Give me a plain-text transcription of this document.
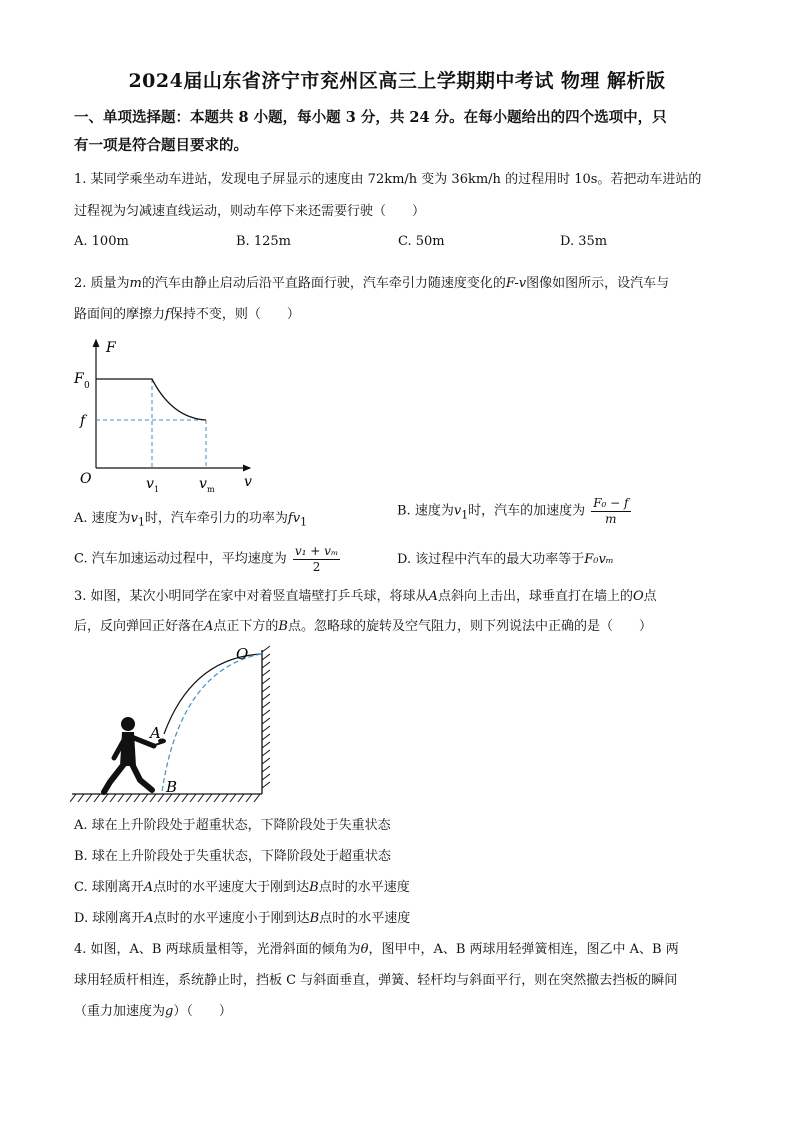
2024届山东省济宁市兖州区高三上学期期中考试 物理 解析版
一、单项选择题：本题共 8 小题，每小题 3 分，共 24 分。在每小题给出的四个选项中，只
有一项是符合题目要求的。
1. 某同学乘坐动车进站，发现电子屏显示的速度由 72km/h 变为 36km/h 的过程用时 10s。若把动车进站的
过程视为匀减速直线运动，则动车停下来还需要行驶（　　）
A. 100m	B. 125m	C. 50m	D. 35m
2. 质量为m的汽车由静止启动后沿平直路面行驶，汽车牵引力随速度变化的F-v图像如图所示，设汽车与
路面间的摩擦力f保持不变，则（　　）
F
v
O
F 0
f
v 1	v m
A. 速度为$v_1$时，汽车牵引力的功率为$fv_1$
B. 速度为$v_1$时，汽车的加速度为 $\frac{\text{F₀ − f}}{m}$
C. 汽车加速运动过程中，平均速度为 $\frac{\text{v₁ + vₘ}}{2}$	D. 该过程中汽车的最大功率等于F₀vₘ
3. 如图，某次小明同学在家中对着竖直墙壁打乒乓球，将球从A点斜向上击出，球垂直打在墙上的O点
后，反向弹回正好落在A点正下方的B点。忽略球的旋转及空气阻力，则下列说法中正确的是（　　）
O
A
B
A. 球在上升阶段处于超重状态，下降阶段处于失重状态
B. 球在上升阶段处于失重状态，下降阶段处于超重状态
C. 球刚离开A点时的水平速度大于刚到达B点时的水平速度
D. 球刚离开A点时的水平速度小于刚到达B点时的水平速度
4. 如图，A、B 两球质量相等，光滑斜面的倾角为θ，图甲中，A、B 两球用轻弹簧相连，图乙中 A、B 两
球用轻质杆相连，系统静止时，挡板 C 与斜面垂直，弹簧、轻杆均与斜面平行，则在突然撤去挡板的瞬间
（重力加速度为g）（　　）
